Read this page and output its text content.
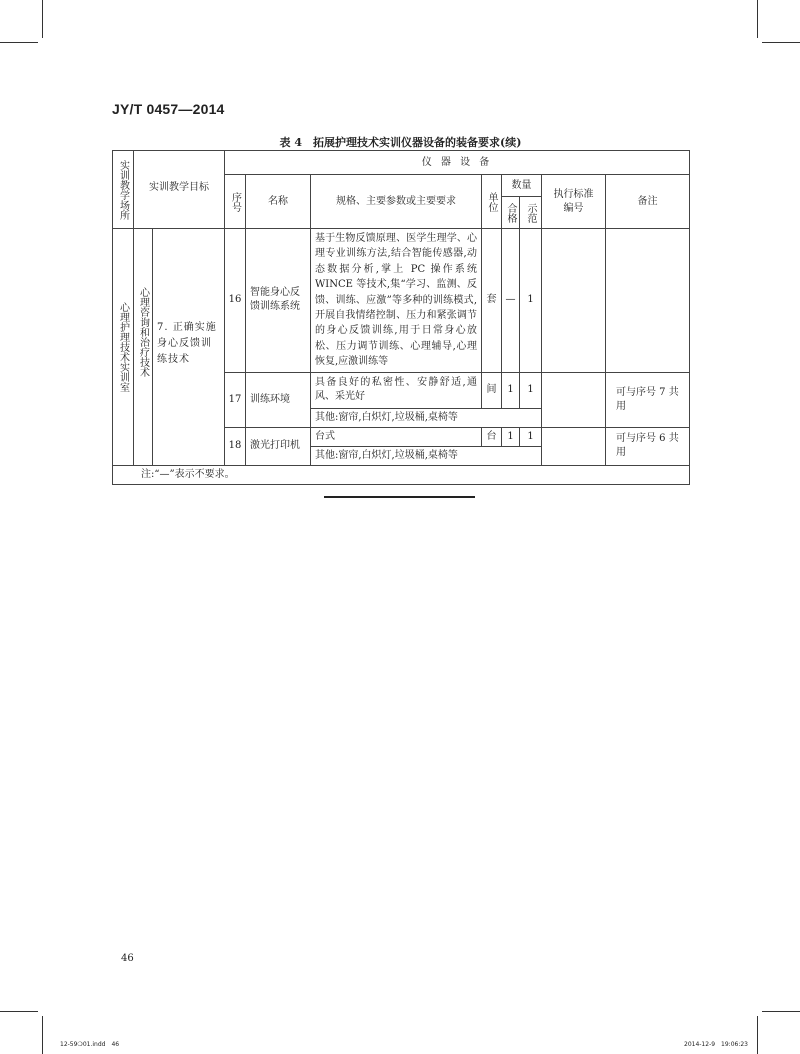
JY/T 0457—2014
表 4　拓展护理技术实训仪器设备的装备要求(续)
实训教学场所	实训教学目标		仪 器 设 备							

			序号	名称	规格、主要参数或主要要求	单位	数量		执行标准编号	备注

							合格	示范		

心理护理技术实训室	心理咨询和治疗技术	7. 正确实施身心反馈训练技术	16	智能身心反馈训练系统	基于生物反馈原理、医学生理学、心理专业训练方法,结合智能传感器,动态数据分析,掌上 PC 操作系统 WINCE 等技术,集“学习、监测、反馈、训练、应激”等多种的训练模式,开展自我情绪控制、压力和紧张调节的身心反馈训练,用于日常身心放松、压力调节训练、心理辅导,心理恢复,应激训练等	套	—	1		
			17	训练环境	具备良好的私密性、安静舒适,通风、采光好	间	1	1		可与序号 7 共用
					其他:窗帘,白炽灯,垃圾桶,桌椅等					
			18	激光打印机	台式	台	1	1		可与序号 6 共用
					其他:窗帘,白炽灯,垃圾桶,桌椅等					
注:“—”表示不要求。										
46
12-59❍01.indd　46	2014-12-9　19:06:23
